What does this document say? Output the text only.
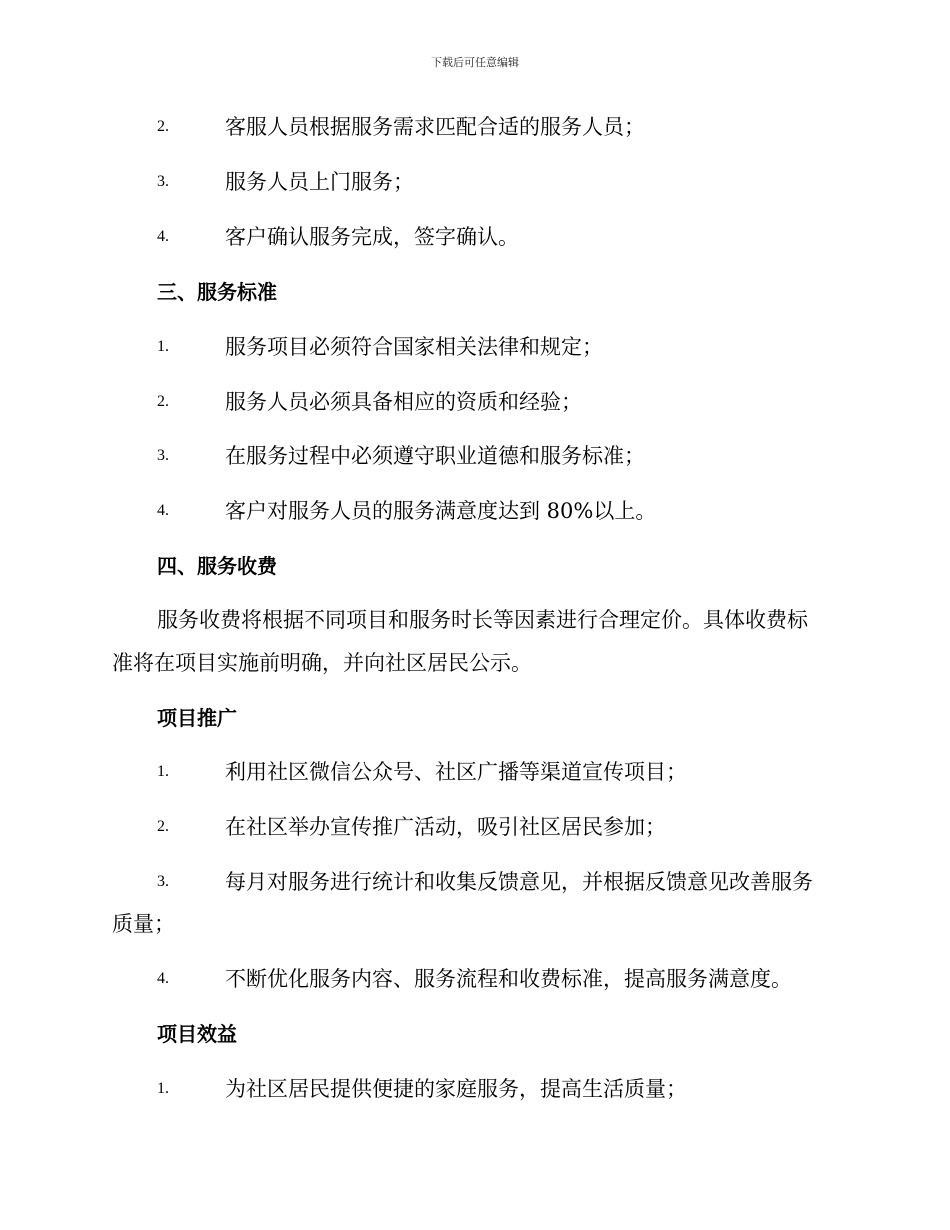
下载后可任意编辑
2.	客服人员根据服务需求匹配合适的服务人员；
3.	服务人员上门服务；
4.	客户确认服务完成，签字确认。
三、服务标准
1.	服务项目必须符合国家相关法律和规定；
2.	服务人员必须具备相应的资质和经验；
3.	在服务过程中必须遵守职业道德和服务标准；
4.	客户对服务人员的服务满意度达到 80%以上。
四、服务收费
服务收费将根据不同项目和服务时长等因素进行合理定价。具体收费标
准将在项目实施前明确，并向社区居民公示。
项目推广
1.	利用社区微信公众号、社区广播等渠道宣传项目；
2.	在社区举办宣传推广活动，吸引社区居民参加；
3.	每月对服务进行统计和收集反馈意见，并根据反馈意见改善服务
质量；
4.	不断优化服务内容、服务流程和收费标准，提高服务满意度。
项目效益
1.	为社区居民提供便捷的家庭服务，提高生活质量；
